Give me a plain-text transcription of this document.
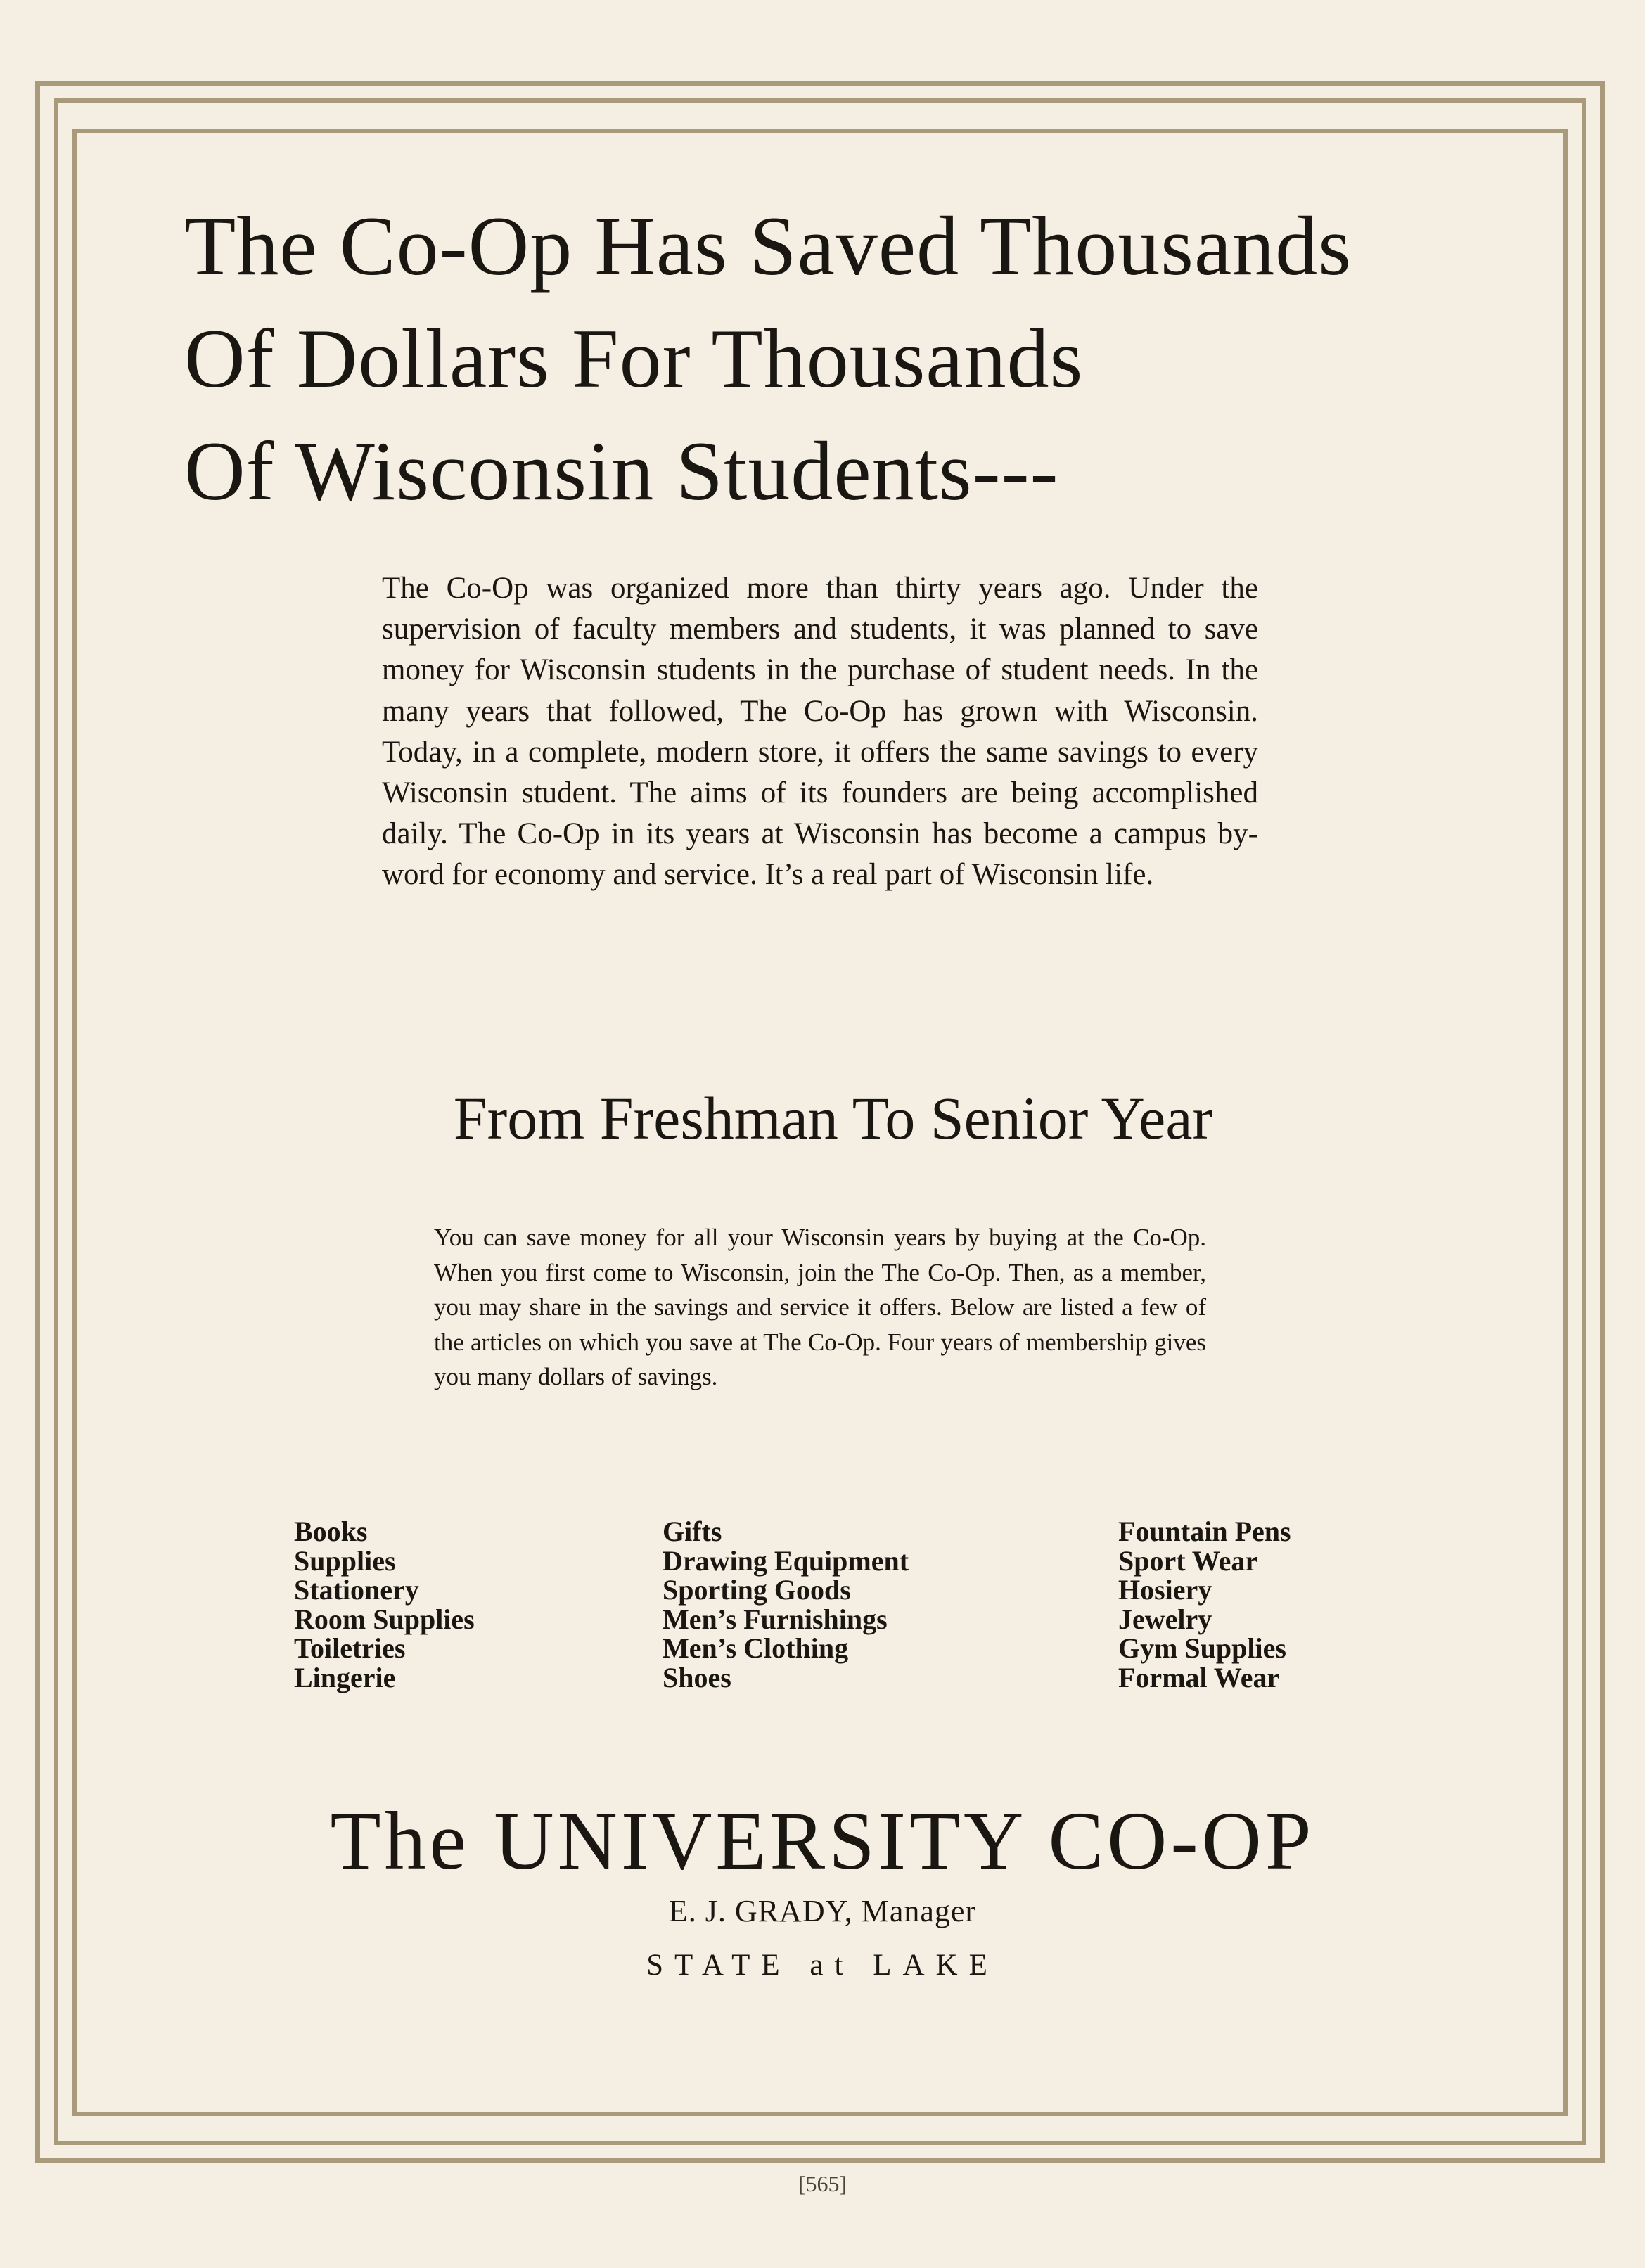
The Co-Op Has Saved Thousands
Of Dollars For Thousands
Of Wisconsin Students---

The Co-Op was organized more than thirty years ago. Under the supervision of faculty members and students, it was planned to save money for Wisconsin students in the purchase of student needs. In the many years that followed, The Co-Op has grown with Wisconsin. Today, in a complete, modern store, it offers the same savings to every Wisconsin student. The aims of its founders are being accomplished daily. The Co-Op in its years at Wisconsin has become a campus by-word for economy and service. It’s a real part of Wisconsin life.

From Freshman To Senior Year

You can save money for all your Wisconsin years by buying at the Co-Op. When you first come to Wisconsin, join the The Co-Op. Then, as a member, you may share in the savings and service it offers. Below are listed a few of the articles on which you save at The Co-Op. Four years of membership gives you many dollars of savings.

Books
Supplies
Stationery
Room Supplies
Toiletries
Lingerie
Gifts
Drawing Equipment
Sporting Goods
Men’s Furnishings
Men’s Clothing
Shoes
Fountain Pens
Sport Wear
Hosiery
Jewelry
Gym Supplies
Formal Wear
The UNIVERSITY CO-OP

E. J. GRADY, Manager

STATE at LAKE

[565]
